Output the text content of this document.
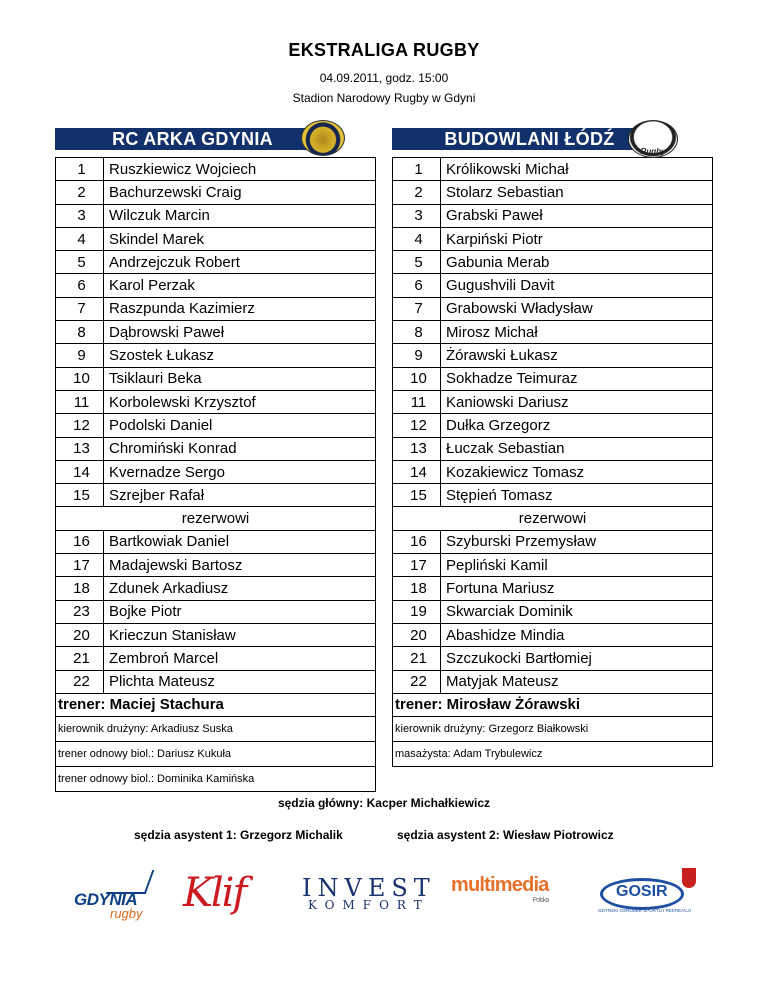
EKSTRALIGA RUGBY
04.09.2011, godz. 15:00
Stadion Narodowy Rugby w Gdyni
RC ARKA GDYNIA
1	Ruszkiewicz Wojciech
2	Bachurzewski Craig
3	Wilczuk Marcin
4	Skindel Marek
5	Andrzejczuk Robert
6	Karol Perzak
7	Raszpunda Kazimierz
8	Dąbrowski Paweł
9	Szostek Łukasz
10	Tsiklauri Beka
11	Korbolewski Krzysztof
12	Podolski Daniel
13	Chromiński Konrad
14	Kvernadze Sergo
15	Szrejber Rafał
rezerwowi	
16	Bartkowiak Daniel
17	Madajewski Bartosz
18	Zdunek Arkadiusz
23	Bojke Piotr
20	Krieczun Stanisław
21	Zembroń Marcel
22	Plichta Mateusz
trener: Maciej Stachura	
kierownik drużyny: Arkadiusz Suska	
trener odnowy biol.: Dariusz Kukuła	
trener odnowy biol.: Dominika Kamińska	
BUDOWLANI ŁÓDŹ
Rugby
1	Królikowski Michał
2	Stolarz Sebastian
3	Grabski Paweł
4	Karpiński Piotr
5	Gabunia Merab
6	Gugushvili Davit
7	Grabowski Władysław
8	Mirosz Michał
9	Żórawski Łukasz
10	Sokhadze Teimuraz
11	Kaniowski Dariusz
12	Dułka Grzegorz
13	Łuczak Sebastian
14	Kozakiewicz Tomasz
15	Stępień Tomasz
rezerwowi	
16	Szyburski Przemysław
17	Pepliński Kamil
18	Fortuna Mariusz
19	Skwarciak Dominik
20	Abashidze Mindia
21	Szczukocki Bartłomiej
22	Matyjak Mateusz
trener: Mirosław Żórawski	
kierownik drużyny: Grzegorz Białkowski	
masażysta: Adam Trybulewicz	
sędzia główny: Kacper Michałkiewicz
sędzia asystent 1: Grzegorz Michalik	sędzia asystent 2: Wiesław Piotrowicz
GDYNIA
rugby Klif INVEST
KOMFORT
multimedia
Polska
GOSIR
GDYNSKI OSRODEK SPORTU I REKREACJI
